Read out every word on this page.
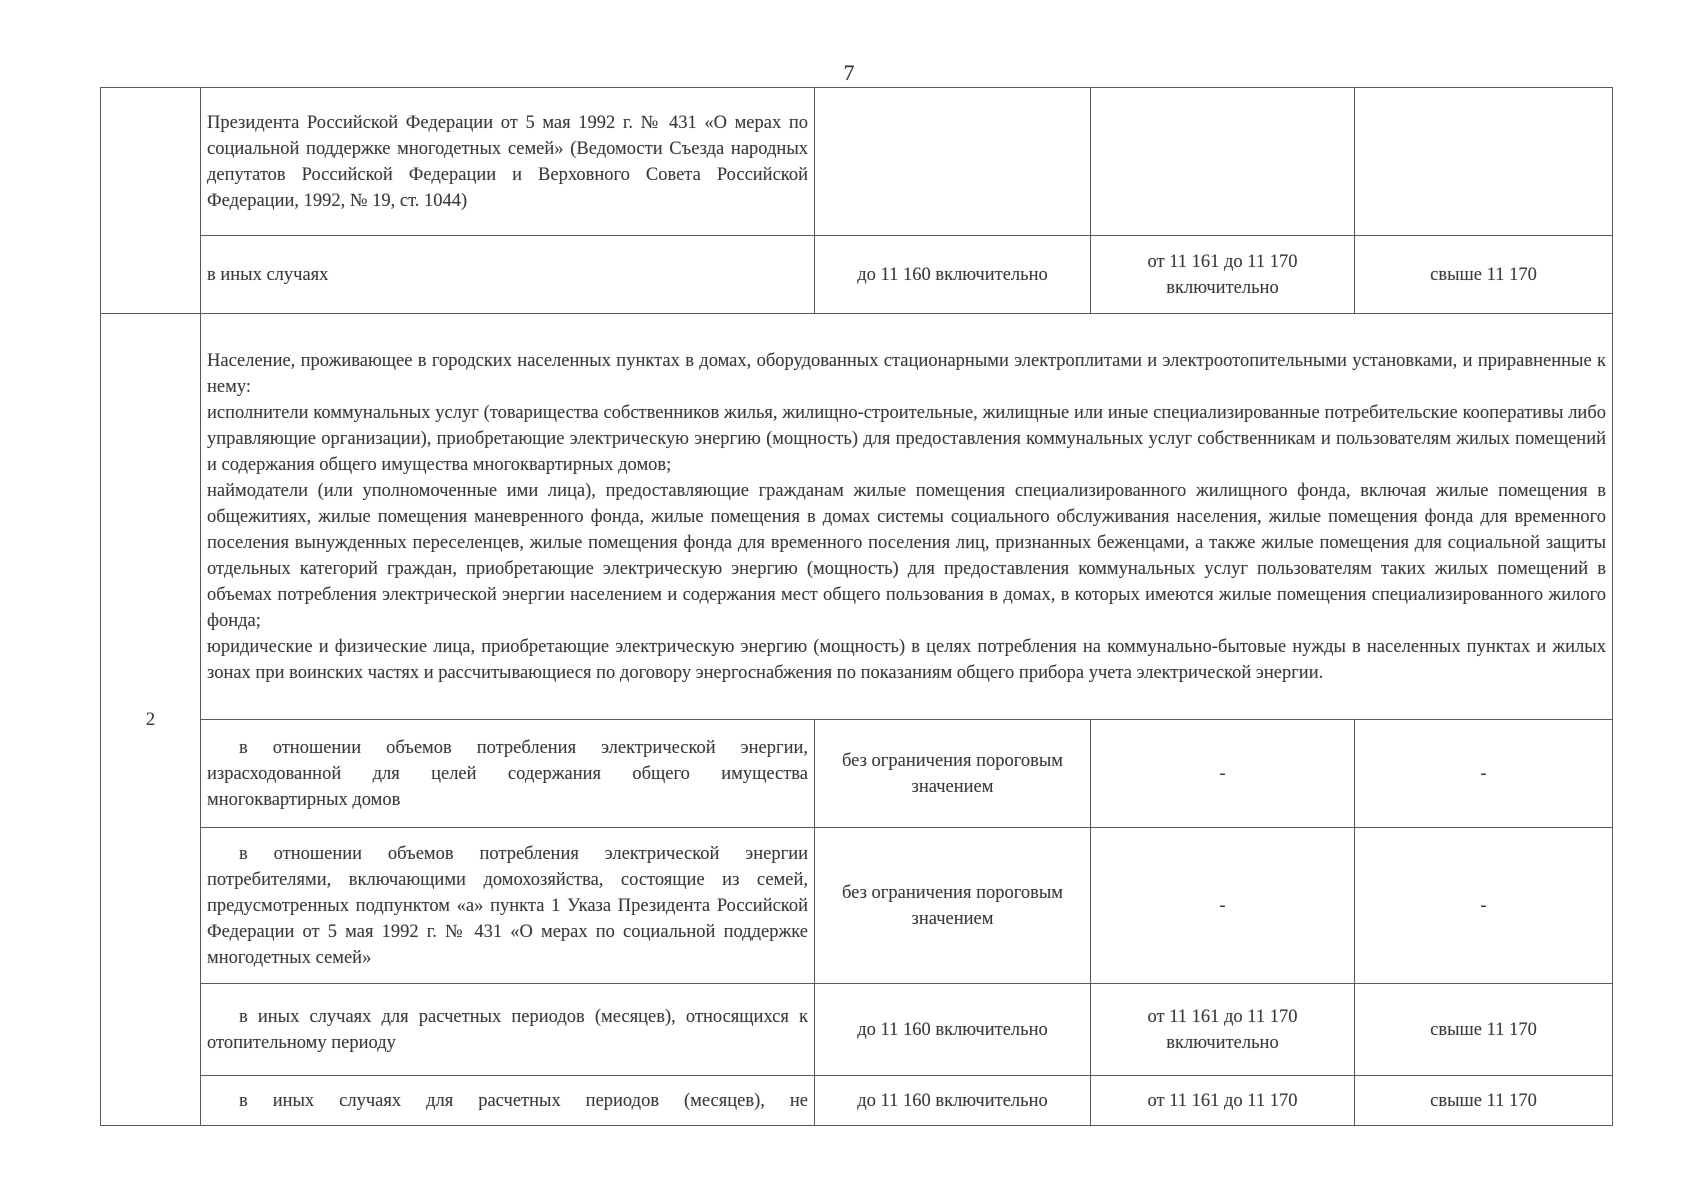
7
	Президента Российской Федерации от 5 мая 1992 г. № 431 «О мерах по социальной поддержке многодетных семей» (Ведомости Съезда народных депутатов Российской Федерации и Верховного Совета Российской Федерации, 1992, № 19, ст. 1044)			
	в иных случаях	до 11 160 включительно	от 11 161 до 11 170 включительно	свыше 11 170
2	Население, проживающее в городских населенных пунктах в домах, оборудованных стационарными электроплитами и электроотопительными установками, и приравненные к нему:
исполнители коммунальных услуг (товарищества собственников жилья, жилищно-строительные, жилищные или иные специализированные потребительские кооперативы либо управляющие организации), приобретающие электрическую энергию (мощность) для предоставления коммунальных услуг собственникам и пользователям жилых помещений и содержания общего имущества многоквартирных домов;
наймодатели (или уполномоченные ими лица), предоставляющие гражданам жилые помещения специализированного жилищного фонда, включая жилые помещения в общежитиях, жилые помещения маневренного фонда, жилые помещения в домах системы социального обслуживания населения, жилые помещения фонда для временного поселения вынужденных переселенцев, жилые помещения фонда для временного поселения лиц, признанных беженцами, а также жилые помещения для социальной защиты отдельных категорий граждан, приобретающие электрическую энергию (мощность) для предоставления коммунальных услуг пользователям таких жилых помещений в объемах потребления электрической энергии населением и содержания мест общего пользования в домах, в которых имеются жилые помещения специализированного жилого фонда;
юридические и физические лица, приобретающие электрическую энергию (мощность) в целях потребления на коммунально-бытовые нужды в населенных пунктах и жилых зонах при воинских частях и рассчитывающиеся по договору энергоснабжения по показаниям общего прибора учета электрической энергии.			

	в отношении объемов потребления электрической энергии, израсходованной для целей содержания общего имущества многоквартирных домов	без ограничения пороговым значением	-	-
	в отношении объемов потребления электрической энергии потребителями, включающими домохозяйства, состоящие из семей, предусмотренных подпунктом «а» пункта 1 Указа Президента Российской Федерации от 5 мая 1992 г. № 431 «О мерах по социальной поддержке многодетных семей»	без ограничения пороговым значением	-	-
	в иных случаях для расчетных периодов (месяцев), относящихся к отопительному периоду	до 11 160 включительно	от 11 161 до 11 170 включительно	свыше 11 170
	в иных случаях для расчетных периодов (месяцев), не	до 11 160 включительно	от 11 161 до 11 170	свыше 11 170
